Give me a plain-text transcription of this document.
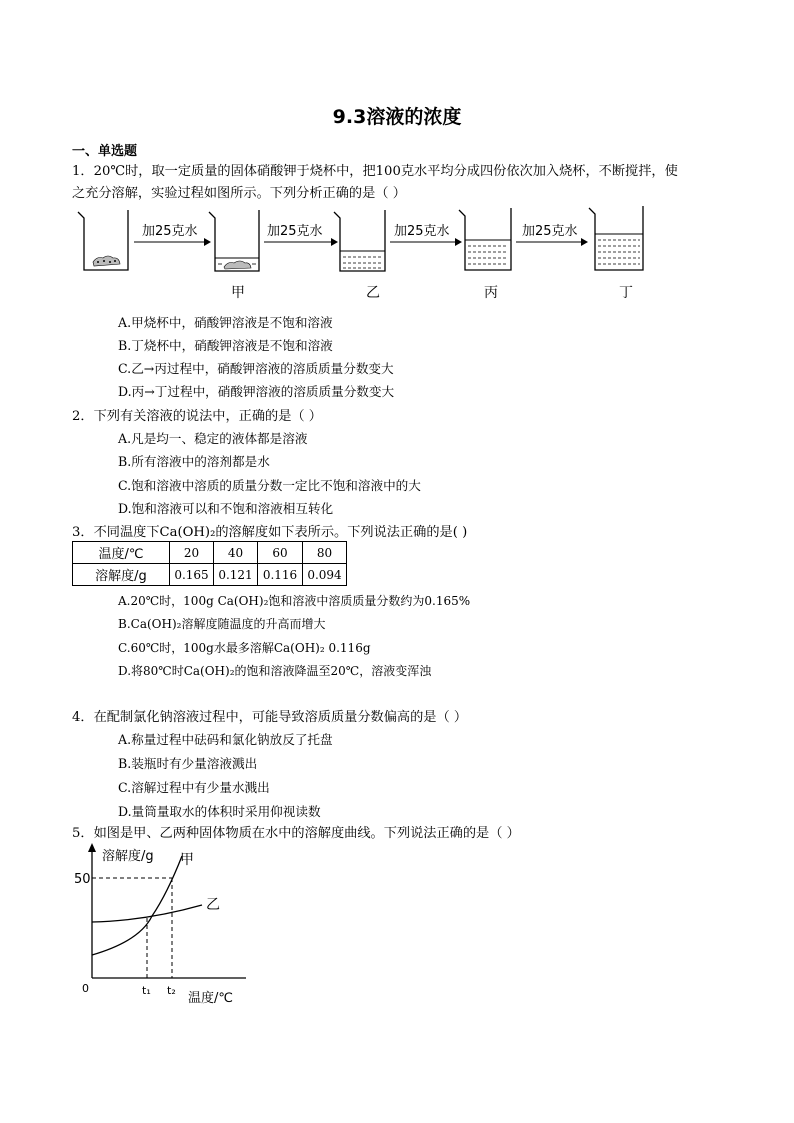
9.3溶液的浓度
一、单选题
1．20℃时，取一定质量的固体硝酸钾于烧杯中，把100克水平均分成四份依次加入烧杯，不断搅拌，使
之充分溶解，实验过程如图所示。下列分析正确的是（ ）
加25克水	加25克水	加25克水	加25克水
甲	乙	丙	丁
A.甲烧杯中，硝酸钾溶液是不饱和溶液
B.丁烧杯中，硝酸钾溶液是不饱和溶液
C.乙→丙过程中，硝酸钾溶液的溶质质量分数变大
D.丙→丁过程中，硝酸钾溶液的溶质质量分数变大
2．下列有关溶液的说法中，正确的是（ ）
A.凡是均一、稳定的液体都是溶液
B.所有溶液中的溶剂都是水
C.饱和溶液中溶质的质量分数一定比不饱和溶液中的大
D.饱和溶液可以和不饱和溶液相互转化
3．不同温度下Ca(OH)₂的溶解度如下表所示。下列说法正确的是( )
温度/℃	20	40	60	80
溶解度/g	0.165	0.121	0.116	0.094
A.20℃时，100g Ca(OH)₂饱和溶液中溶质质量分数约为0.165%
B.Ca(OH)₂溶解度随温度的升高而增大
C.60℃时，100g水最多溶解Ca(OH)₂ 0.116g
D.将80℃时Ca(OH)₂的饱和溶液降温至20℃，溶液变浑浊
4．在配制氯化钠溶液过程中，可能导致溶质质量分数偏高的是（ ）
A.称量过程中砝码和氯化钠放反了托盘
B.装瓶时有少量溶液溅出
C.溶解过程中有少量水溅出
D.量筒量取水的体积时采用仰视读数
5．如图是甲、乙两种固体物质在水中的溶解度曲线。下列说法正确的是（ ）
溶解度/g 甲
乙
50
0	t₁ t₂
温度/℃
